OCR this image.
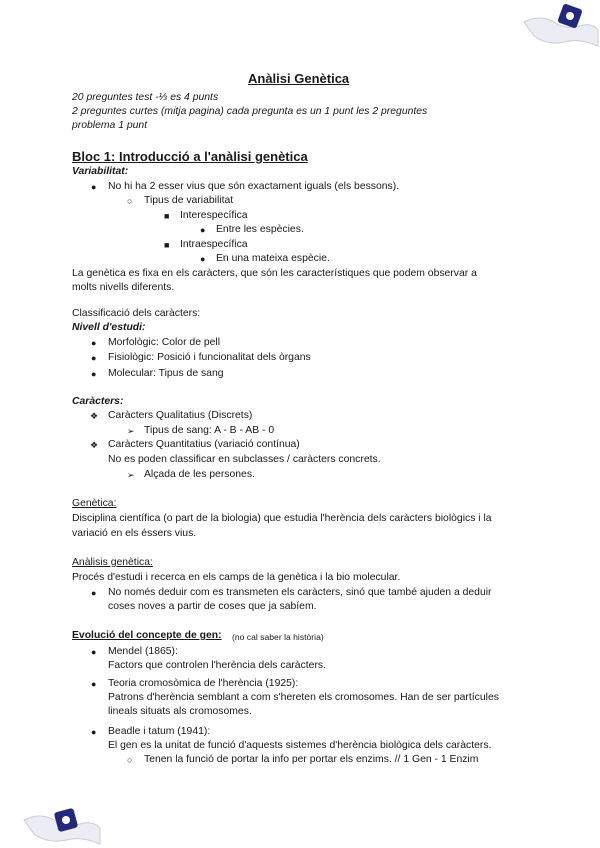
Anàlisi Genètica
20 preguntes test -⅓ es 4 punts
2 preguntes curtes (mitja pagina) cada pregunta es un 1 punt les 2 preguntes
problema 1 punt
Bloc 1: Introducció a l'anàlisi genètica
Variabilitat:
● No hi ha 2 esser vius que són exactament iguals (els bessons).
○ Tipus de variabilitat
■ Interespecífica
● Entre les espècies.
■ Intraespecífica
● En una mateixa espècie.
La genètica es fixa en els caràcters, que són les característiques que podem observar a
molts nivells diferents.
Classificació dels caràcters:
Nivell d'estudi:
● Morfològic: Color de pell
● Fisiològic: Posició i funcionalitat dels òrgans
● Molecular: Tipus de sang
Caràcters:
❖ Caràcters Qualitatius (Discrets)
➢ Tipus de sang: A - B - AB - 0
❖ Caràcters Quantitatius (variació contínua)
No es poden classificar en subclasses / caràcters concrets.
➢ Alçada de les persones.
Genètica:
Disciplina científica (o part de la biologia) que estudia l'herència dels caràcters biològics i la
variació en els éssers vius.
Anàlisis genètica:
Procés d'estudi i recerca en els camps de la genètica i la bio molecular.
● No només deduir com es transmeten els caràcters, sinó que també ajuden a deduir
coses noves a partir de coses que ja sabíem.
Evolució del concepte de gen: (no cal saber la història)
● Mendel (1865):
Factors que controlen l'herència dels caràcters.
● Teoria cromosòmica de l'herència (1925):
Patrons d'herència semblant a com s'hereten els cromosomes. Han de ser partícules
lineals situats als cromosomes.
● Beadle i tatum (1941):
El gen es la unitat de funció d'aquests sistemes d'herència biològica dels caràcters.
○ Tenen la funció de portar la info per portar els enzims. // 1 Gen - 1 Enzim
